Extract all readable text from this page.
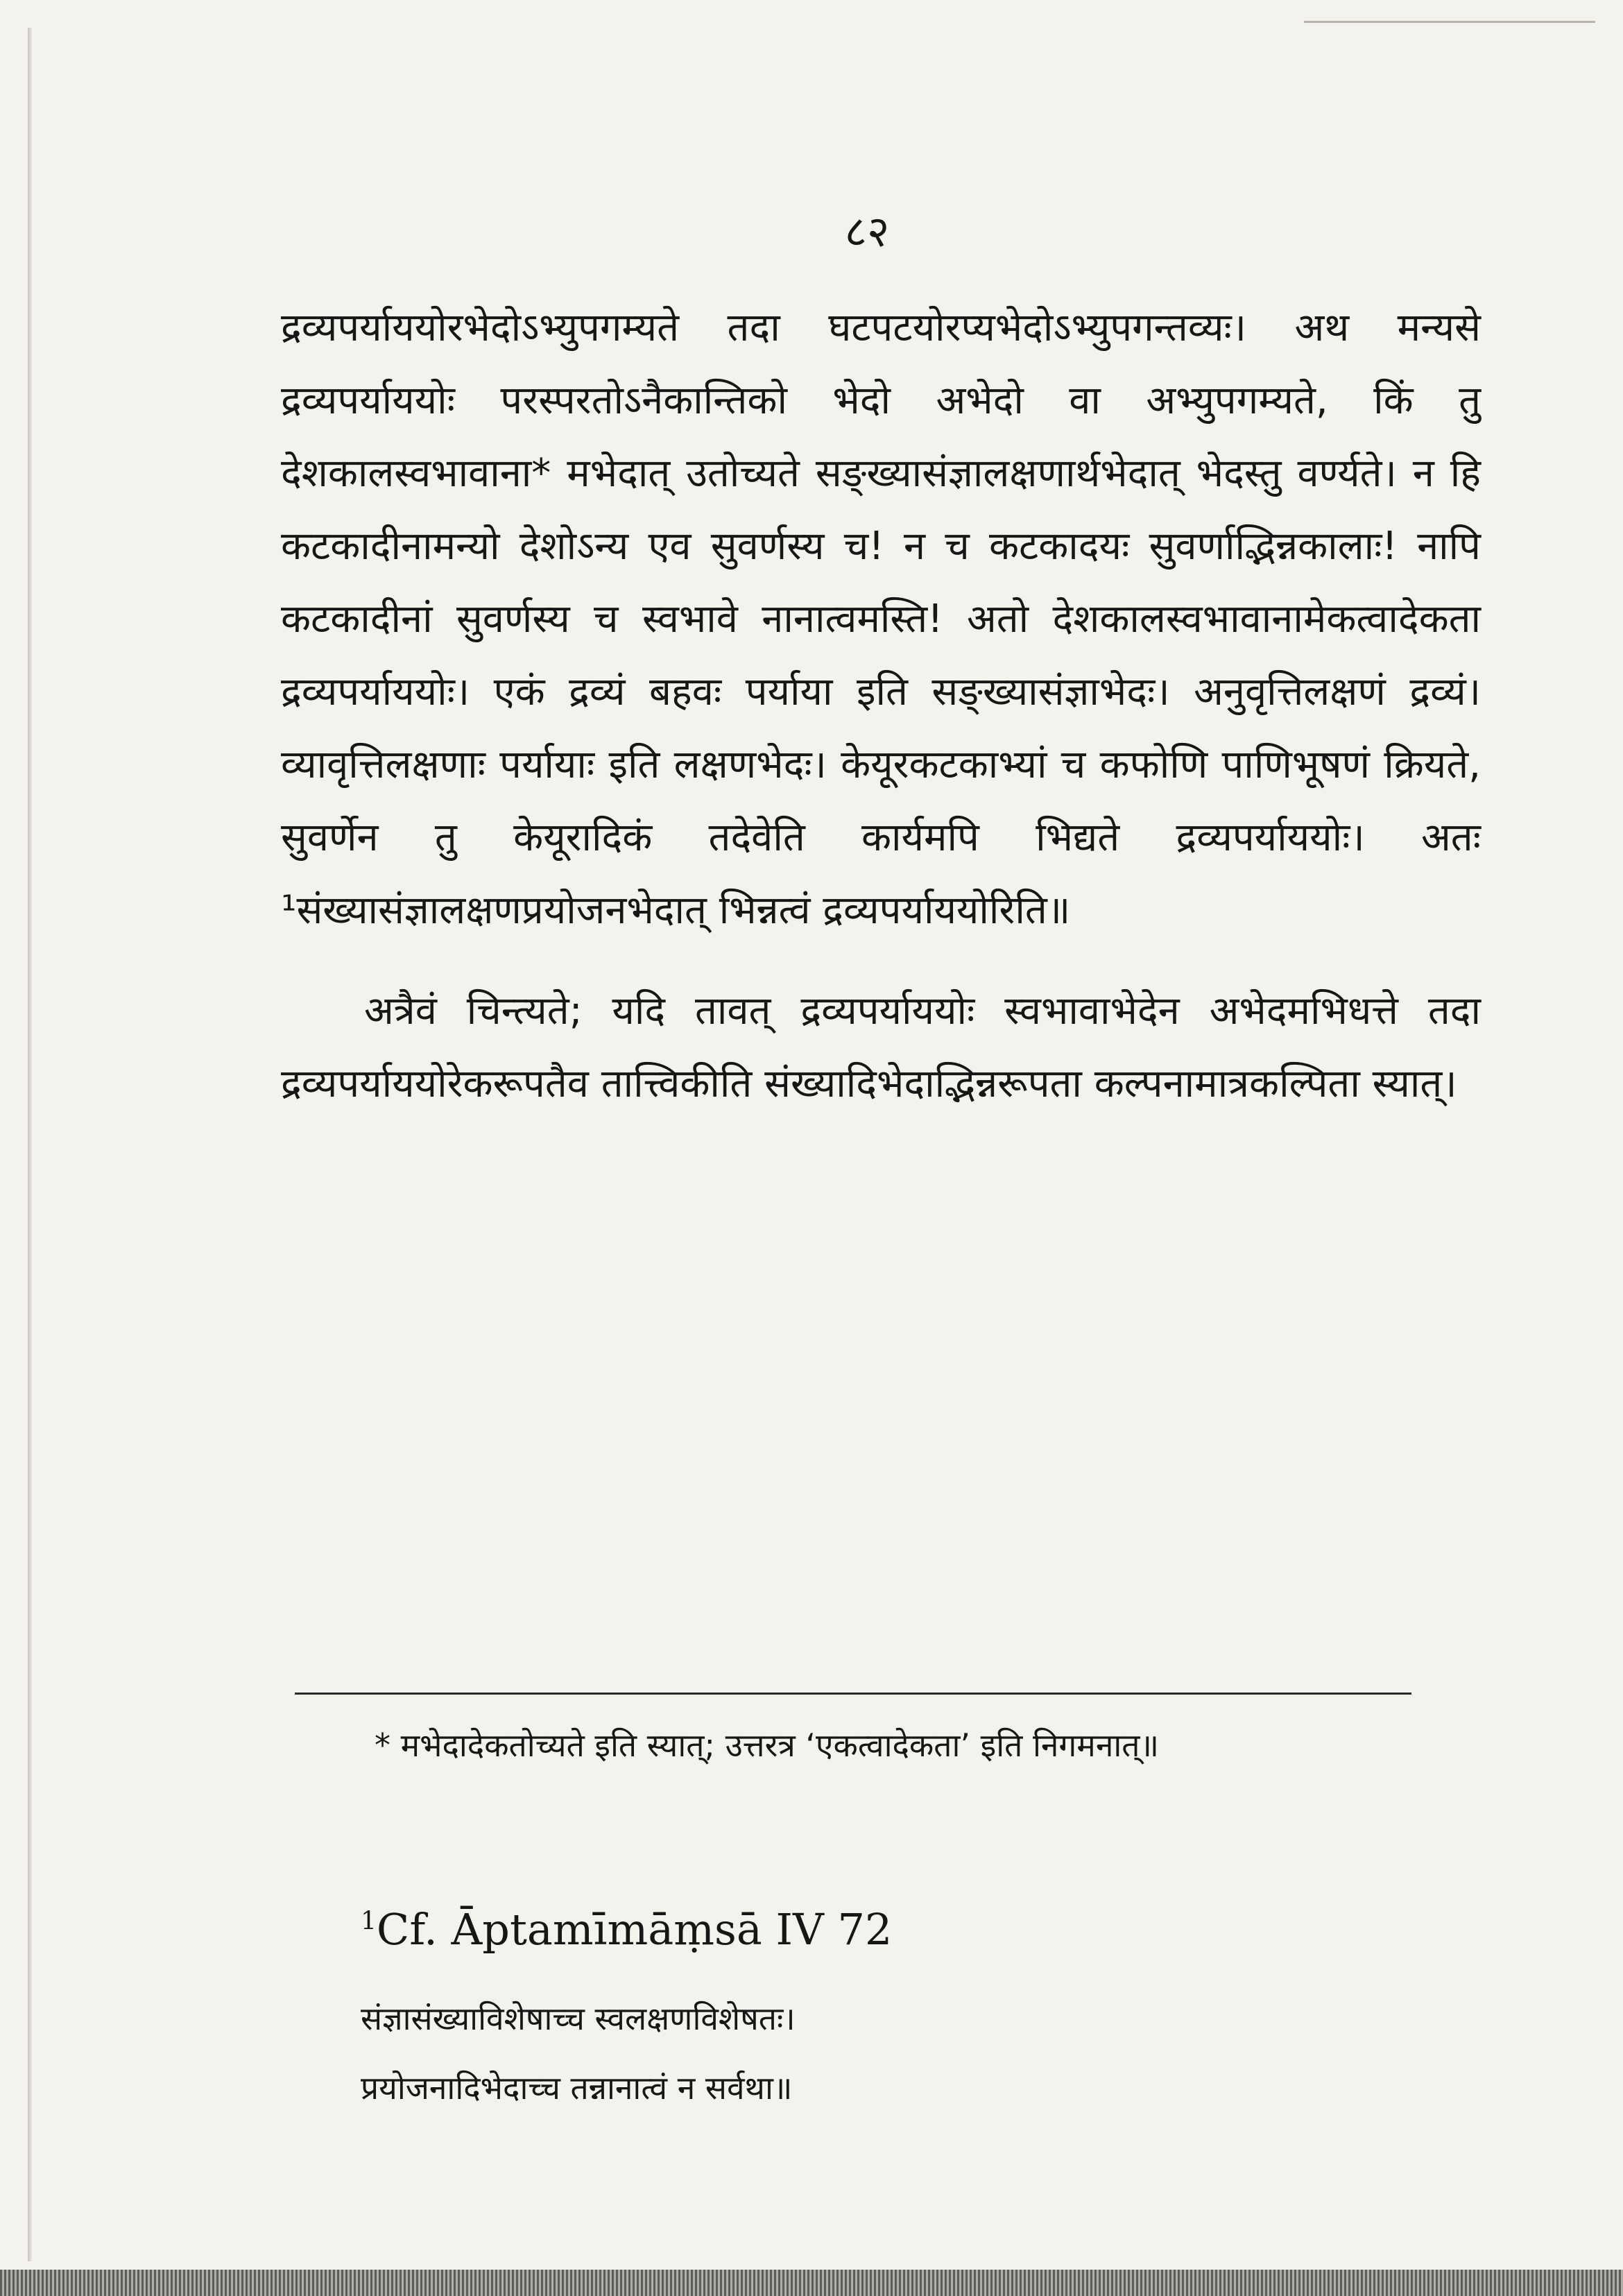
८२

द्रव्यपर्याययोरभेदोऽभ्युपगम्यते तदा घटपटयोरप्यभेदोऽभ्युपगन्तव्यः। अथ मन्यसे द्रव्यपर्याययोः परस्परतोऽनैकान्तिको भेदो अभेदो वा अभ्युपगम्यते, किं तु देशकालस्वभावाना* मभेदात् उतोच्यते सङ्ख्यासंज्ञालक्षणार्थभेदात् भेदस्तु वर्ण्यते। न हि कटकादीनामन्यो देशोऽन्य एव सुवर्णस्य च! न च कटकादयः सुवर्णाद्भिन्नकालाः! नापि कटकादीनां सुवर्णस्य च स्वभावे नानात्वमस्ति! अतो देशकालस्वभावानामेकत्वादेकता द्रव्यपर्याययोः। एकं द्रव्यं बहवः पर्याया इति सङ्ख्यासंज्ञाभेदः। अनुवृत्तिलक्षणं द्रव्यं। व्यावृत्तिलक्षणाः पर्यायाः इति लक्षणभेदः। केयूरकटकाभ्यां च कफोणि पाणिभूषणं क्रियते, सुवर्णेन तु केयूरादिकं तदेवेति कार्यमपि भिद्यते द्रव्यपर्याययोः। अतः ¹संख्यासंज्ञालक्षणप्रयोजनभेदात् भिन्नत्वं द्रव्यपर्याययोरिति॥

अत्रैवं चिन्त्यते; यदि तावत् द्रव्यपर्याययोः स्वभावाभेदेन अभेदमभिधत्ते तदा द्रव्यपर्याययोरेकरूपतैव तात्त्विकीति संख्यादिभेदाद्भिन्नरूपता कल्पनामात्रकल्पिता स्यात्।

* मभेदादेकतोच्यते इति स्यात्; उत्तरत्र ‘एकत्वादेकता’ इति निगमनात्॥
$^1$Cf. Āptamīmāṃsā IV 72
संज्ञासंख्याविशेषाच्च स्वलक्षणविशेषतः।
प्रयोजनादिभेदाच्च तन्नानात्वं न सर्वथा॥
